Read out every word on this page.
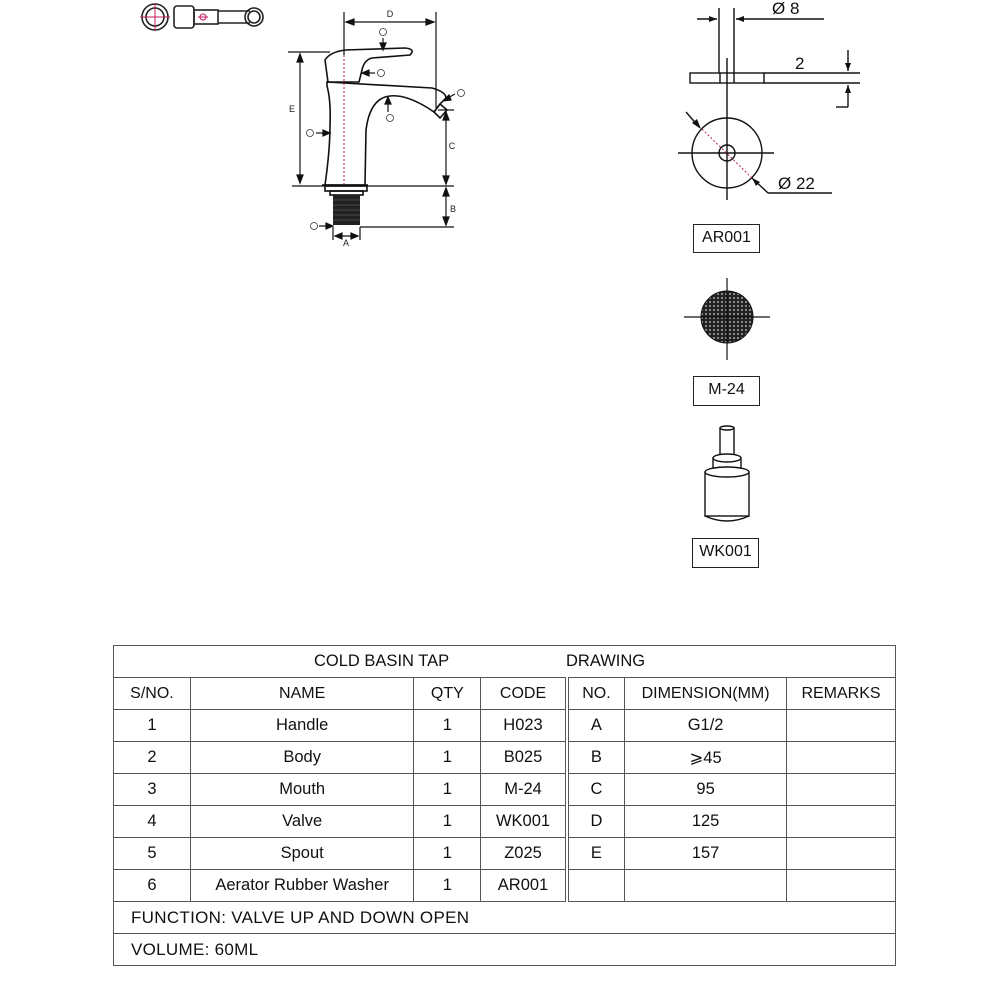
D
E
C
B
A
Ø 8
2
Ø 22
AR001
M-24
WK001
COLD BASIN TAP DRAWING						
S/NO.	NAME	QTY	CODE	NO.	DIMENSION(MM)	REMARKS
1	Handle	1	H023	A	G1/2	
2	Body	1	B025	B	⩾45	
3	Mouth	1	M-24	C	95	
4	Valve	1	WK001	D	125	
5	Spout	1	Z025	E	157	
6	Aerator Rubber Washer	1	AR001			
FUNCTION: VALVE UP AND DOWN OPEN						
VOLUME: 60ML						
